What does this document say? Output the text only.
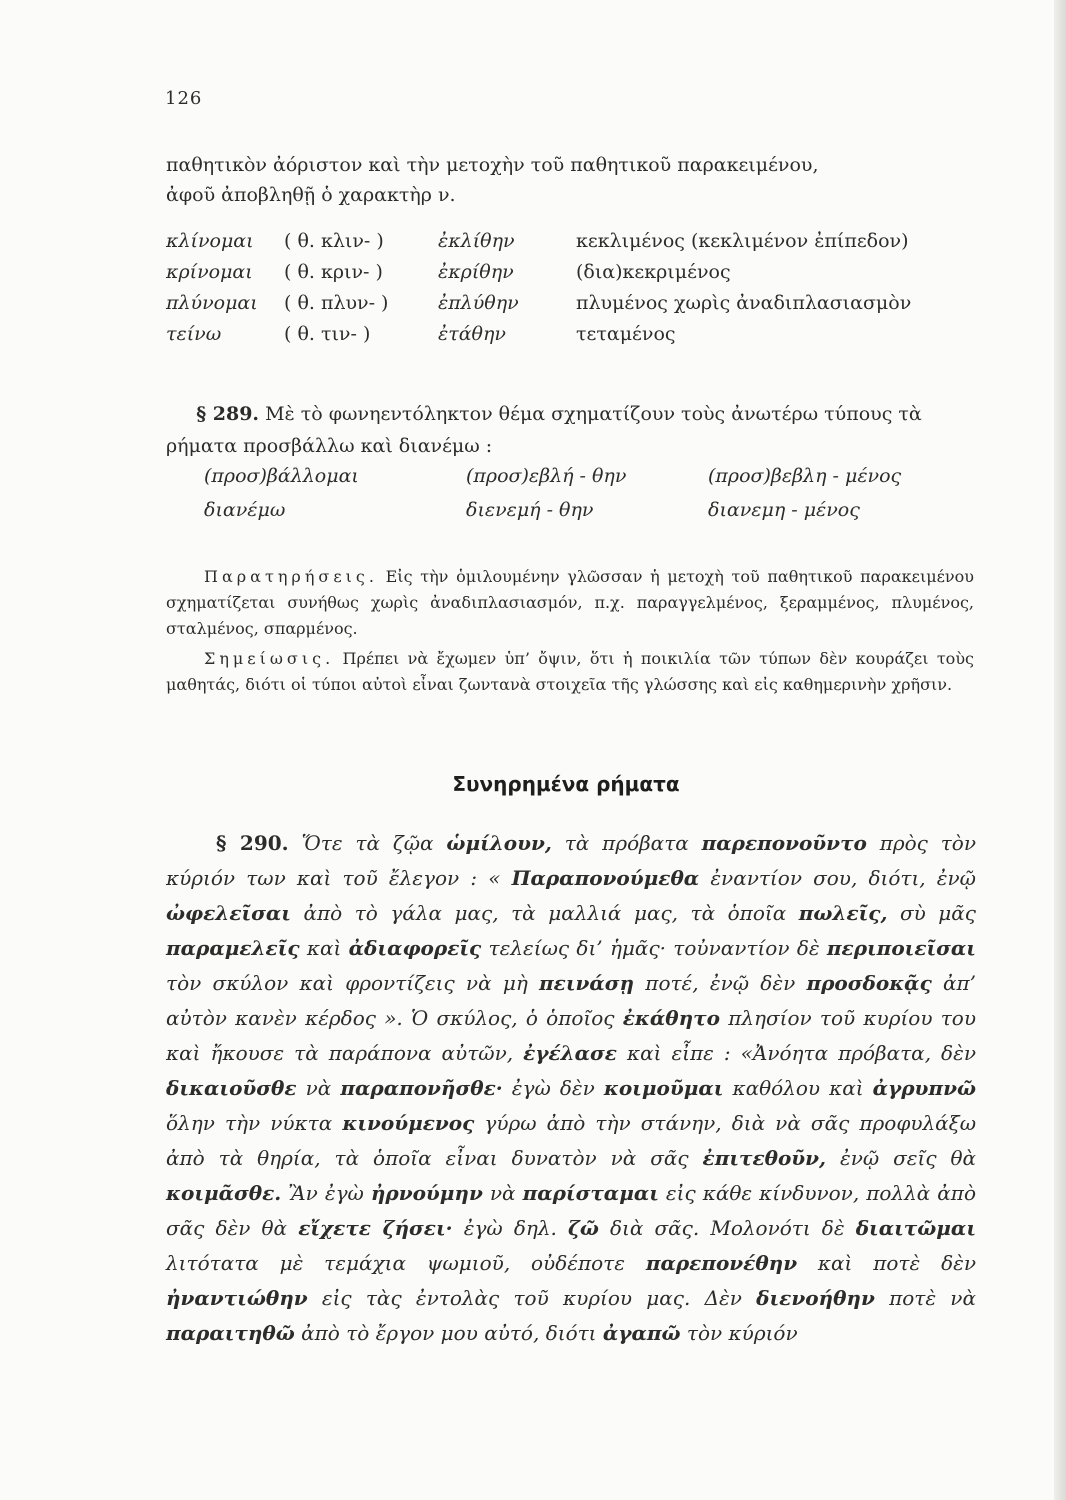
126
παθητικὸν ἀόριστον καὶ τὴν μετοχὴν τοῦ παθητικοῦ παρακειμένου,
ἀφοῦ ἀποβληθῇ ὁ χαρακτὴρ ν.
κλίνομαι ( θ. κλιν- )	ἐκλίθην	κεκλιμένος (κεκλιμένον ἐπίπεδον)
κρίνομαι ( θ. κριν- )	ἐκρίθην	(δια)κεκριμένος
πλύνομαι ( θ. πλυν- )	ἐπλύθην	πλυμένος χωρὶς ἀναδιπλασιασμὸν
τείνω	( θ. τιν- )	ἐτάθην	τεταμένος
§ 289. Μὲ τὸ φωνηεντόληκτον θέμα σχηματίζουν τοὺς ἀνωτέρω τύπους τὰ ρήματα προσβάλλω καὶ διανέμω :
(προσ)βάλλομαι	(προσ)εβλή - θην	(προσ)βεβλη - μένος
διανέμω	διενεμή - θην	διανεμη - μένος

Παρατηρήσεις. Εἰς τὴν ὁμιλουμένην γλῶσσαν ἡ μετοχὴ τοῦ παθητικοῦ παρακειμένου σχηματίζεται συνήθως χωρὶς ἀναδιπλασιασμόν, π.χ. παραγγελμένος, ξεραμμένος, πλυμένος, σταλμένος, σπαρμένος.

Σημείωσις. Πρέπει νὰ ἔχωμεν ὑπ’ ὄψιν, ὅτι ἡ ποικιλία τῶν τύπων δὲν κουράζει τοὺς μαθητάς, διότι οἱ τύποι αὐτοὶ εἶναι ζωντανὰ στοιχεῖα τῆς γλώσσης καὶ εἰς καθημερινὴν χρῆσιν.

Συνηρημένα ρήματα

§ 290. Ὅτε τὰ ζῷα ὡμίλουν, τὰ πρόβατα παρεπονοῦντο πρὸς τὸν κύριόν των καὶ τοῦ ἔλεγον : « Παραπονούμεθα ἐναντίον σου, διότι, ἐνῷ ὠφελεῖσαι ἀπὸ τὸ γάλα μας, τὰ μαλλιά μας, τὰ ὁποῖα πωλεῖς, σὺ μᾶς παραμελεῖς καὶ ἀδιαφορεῖς τελείως δι’ ἡμᾶς· τοὐναντίον δὲ περιποιεῖσαι τὸν σκύλον καὶ φροντίζεις νὰ μὴ πεινάσῃ ποτέ, ἐνῷ δὲν προσδοκᾷς ἀπ’ αὐτὸν κανὲν κέρδος ». Ὁ σκύλος, ὁ ὁποῖος ἐκάθητο πλησίον τοῦ κυρίου του καὶ ἤκουσε τὰ παράπονα αὐτῶν, ἐγέλασε καὶ εἶπε : «Ἀνόητα πρόβατα, δὲν δικαιοῦσθε νὰ παραπονῆσθε· ἐγὼ δὲν κοιμοῦμαι καθόλου καὶ ἀγρυπνῶ ὅλην τὴν νύκτα κινούμενος γύρω ἀπὸ τὴν στάνην, διὰ νὰ σᾶς προφυλάξω ἀπὸ τὰ θηρία, τὰ ὁποῖα εἶναι δυνατὸν νὰ σᾶς ἐπιτεθοῦν, ἐνῷ σεῖς θὰ κοιμᾶσθε. Ἂν ἐγὼ ἠρνούμην νὰ παρίσταμαι εἰς κάθε κίνδυνον, πολλὰ ἀπὸ σᾶς δὲν θὰ εἴχετε ζήσει· ἐγὼ δηλ. ζῶ διὰ σᾶς. Μολονότι δὲ διαιτῶμαι λιτότατα μὲ τεμάχια ψωμιοῦ, οὐδέποτε παρεπονέθην καὶ ποτὲ δὲν ἠναντιώθην εἰς τὰς ἐντολὰς τοῦ κυρίου μας. Δὲν διενοήθην ποτὲ νὰ παραιτηθῶ ἀπὸ τὸ ἔργον μου αὐτό, διότι ἀγαπῶ τὸν κύριόν
